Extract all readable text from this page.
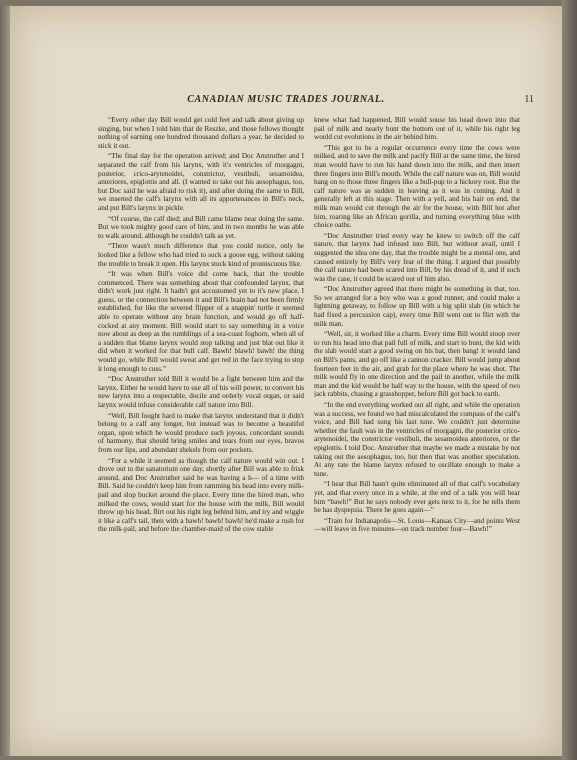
CANADIAN MUSIC TRADES JOURNAL.	11

“Every other day Bill would get cold feet and talk about giving up singing, but when I told him that de Reszke, and those fellows thought nothing of earning one hundred thousand dollars a year, he decided to stick it out.

“The final day for the operation arrived; and Doc Anstruther and I separated the calf from his larynx, with it's ventricles of morgagni, posterior, crico-arytenoidei, constrictor, vestibuli, sesamoidea, anteriores, epiglottis and all. (I wanted to take out his aesophagus, too, but Doc said he was afraid to risk it), and after doing the same to Bill, we inserted the calf's larynx with all its appurtenances in Bill's neck, and put Bill's larynx in pickle.

“Of course, the calf died; and Bill came blame near doing the same. But we took mighty good care of him, and in two months he was able to walk around, although he couldn't talk as yet.

“There wasn't much difference that you could notice, only he looked like a fellow who had tried to suck a goose egg, without taking the trouble to break it open. His larynx stuck kind of promiscuous like.

“It was when Bill's voice did come back, that the trouble commenced. There was something about that confounded larynx, that didn't work just right. It hadn't got accustomed yet to it's new place, I guess, or the connection between it and Bill's brain had not been firmly established, for like the severed flipper of a snappin' turtle it seemed able to operate without any brain function, and would go off half-cocked at any moment. Bill would start to say something in a voice now about as deep as the rumblings of a sea-coast foghorn, when all of a sudden that blame larynx would stop talking and just blat out like it did when it worked for that bull calf. Bawh! blawh! bawh! the thing would go, while Bill would sweat and get red in the face trying to stop it long enough to cuss.”

“Doc Anstruther told Bill it would be a fight between him and the larynx. Either he would have to use all of his will power, to convert his new larynx into a respectable, docile and orderly vocal organ, or said larynx would infuse considerable calf nature into Bill.

“Well, Bill fought hard to make that larynx understand that it didn't belong to a calf any longer, but instead was to become a beautiful organ, upon which he would produce such joyous, concordant sounds of harmony, that should bring smiles and tears from our eyes, bravos from our lips, and abundant shekels from our pockets.

“For a while it seemed as though the calf nature would win out. I drove out to the sanatorium one day, shortly after Bill was able to frisk around, and Doc Anstruther said he was having a h— of a time with Bill. Said he couldn't keep him from ramming his head into every milk-pail and slop bucket around the place. Every time the hired man, who milked the cows, would start for the house with the milk, Bill would throw up his head, flirt out his right leg behind him, and try and wiggle it like a calf's tail, then with a bawh! bawh! bawh! he'd make a rush for the milk-pail, and before the chamber-maid of the cow stable

knew what had happened, Bill would souse his head down into that pail of milk and nearly bunt the bottom out of it, while his right leg would cut evolutions in the air behind him.

“This got to be a regular occurrence every time the cows were milked, and to save the milk and pacify Bill at the same time, the hired man would have to run his hand down into the milk, and then insert three fingers into Bill's mouth. While the calf nature was on, Bill would hang on to those three fingers like a bull-pup to a hickory root. But the calf nature was as sudden in leaving as it was in coming. And it generally left at this stage. Then with a yell, and his hair on end, the milk man would cut through the air for the house, with Bill hot after him, roaring like an African gorilla, and turning everything blue with choice oaths.

“Doc Anstruther tried every way he knew to switch off the calf nature, that larynx had infused into Bill, but without avail, until I suggested the idea one day, that the trouble might be a mental one, and caused entirely by Bill's very fear of the thing. I argued that possibly the calf nature had been scared into Bill, by his dread of it, and if such was the case, it could be scared out of him also.

“Doc Anstruther agreed that there might be something in that, too. So we arranged for a boy who was a good runner, and could make a lightning getaway, to follow up Bill with a big split slab (in which he had fixed a percussion cap), every time Bill went out to flirt with the milk man.

“Well, sir, it worked like a charm. Every time Bill would stoop over to run his head into that pail full of milk, and start to bunt, the kid with the slab would start a good swing on his bat, then bang! it would land on Bill's pants, and go off like a cannon cracker. Bill would jump about fourteen feet in the air, and grab for the place where he was shot. The milk would fly in one direction and the pail in another, while the milk man and the kid would be half way to the house, with the speed of two jack rabbits, chasing a grasshopper, before Bill got back to earth.

“In the end everything worked out all right, and while the operation was a success, we found we had miscalculated the compass of the calf's voice, and Bill had sung his last tune. We couldn't just determine whether the fault was in the ventricles of morgagni, the posterior crico-arytenoidei, the constrictor vestibuli, the sesamoidea anteriores, or the epiglottis. I told Doc. Anstruther that maybe we made a mistake by not taking out the aesophagus, too, but then that was another speculation. At any rate the blame larynx refused to oscillate enough to make a tune.

“I hear that Bill hasn't quite eliminated all of that calf's vocabulary yet, and that every once in a while, at the end of a talk you will hear him “bawh!” But he says nobody ever gets next to it, for he tells them he has dyspepsia. There he goes again—”

“Train for Indianapolis—St. Louis—Kansas City—and points West—will leave in five minutes—on track number four—Bawh!”
